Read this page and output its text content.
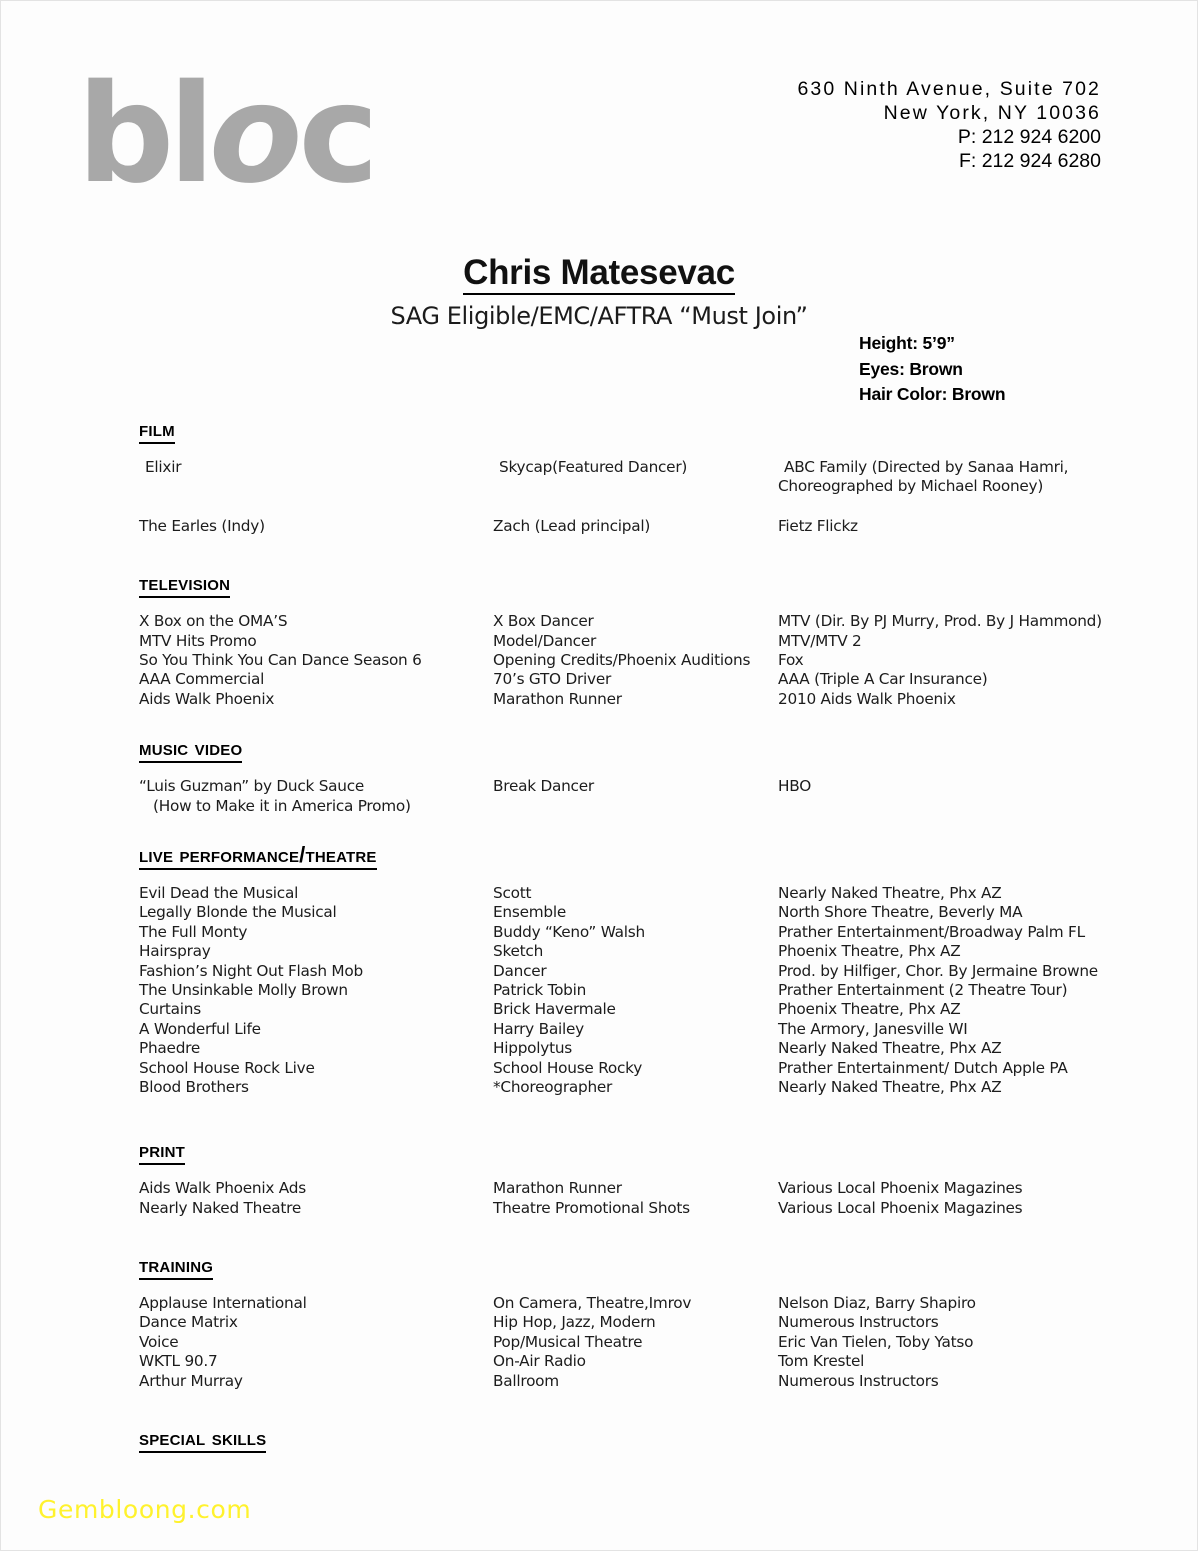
bloc	630 Ninth Avenue, Suite 702
New York, NY 10036
P: 212 924 6200
F: 212 924 6280
Chris Matesevac
SAG Eligible/EMC/AFTRA “Must Join”
Height: 5’9”
Eyes: Brown
Hair Color: Brown
film
Elixir	Skycap(Featured Dancer)	ABC Family (Directed by Sanaa Hamri,
Choreographed by Michael Rooney)
The Earles (Indy)	Zach (Lead principal)	Fietz Flickz
television
X Box on the OMA’S	X Box Dancer	MTV (Dir. By PJ Murry, Prod. By J Hammond)
MTV Hits Promo	Model/Dancer	MTV/MTV 2
So You Think You Can Dance Season 6	Opening Credits/Phoenix Auditions	Fox
AAA Commercial	70’s GTO Driver	AAA (Triple A Car Insurance)
Aids Walk Phoenix	Marathon Runner	2010 Aids Walk Phoenix
music video
“Luis Guzman” by Duck Sauce	Break Dancer	HBO
(How to Make it in America Promo)
live performance/theatre
Evil Dead the Musical	Scott	Nearly Naked Theatre, Phx AZ
Legally Blonde the Musical	Ensemble	North Shore Theatre, Beverly MA
The Full Monty	Buddy “Keno” Walsh	Prather Entertainment/Broadway Palm FL
Hairspray	Sketch	Phoenix Theatre, Phx AZ
Fashion’s Night Out Flash Mob	Dancer	Prod. by Hilfiger, Chor. By Jermaine Browne
The Unsinkable Molly Brown	Patrick Tobin	Prather Entertainment (2 Theatre Tour)
Curtains	Brick Havermale	Phoenix Theatre, Phx AZ
A Wonderful Life	Harry Bailey	The Armory, Janesville WI
Phaedre	Hippolytus	Nearly Naked Theatre, Phx AZ
School House Rock Live	School House Rocky	Prather Entertainment/ Dutch Apple PA
Blood Brothers	*Choreographer	Nearly Naked Theatre, Phx AZ
print
Aids Walk Phoenix Ads	Marathon Runner	Various Local Phoenix Magazines
Nearly Naked Theatre	Theatre Promotional Shots	Various Local Phoenix Magazines
training
Applause International	On Camera, Theatre,Imrov	Nelson Diaz, Barry Shapiro
Dance Matrix	Hip Hop, Jazz, Modern	Numerous Instructors
Voice	Pop/Musical Theatre	Eric Van Tielen, Toby Yatso
WKTL 90.7	On-Air Radio	Tom Krestel
Arthur Murray	Ballroom	Numerous Instructors
special skills
Gembloong.com
